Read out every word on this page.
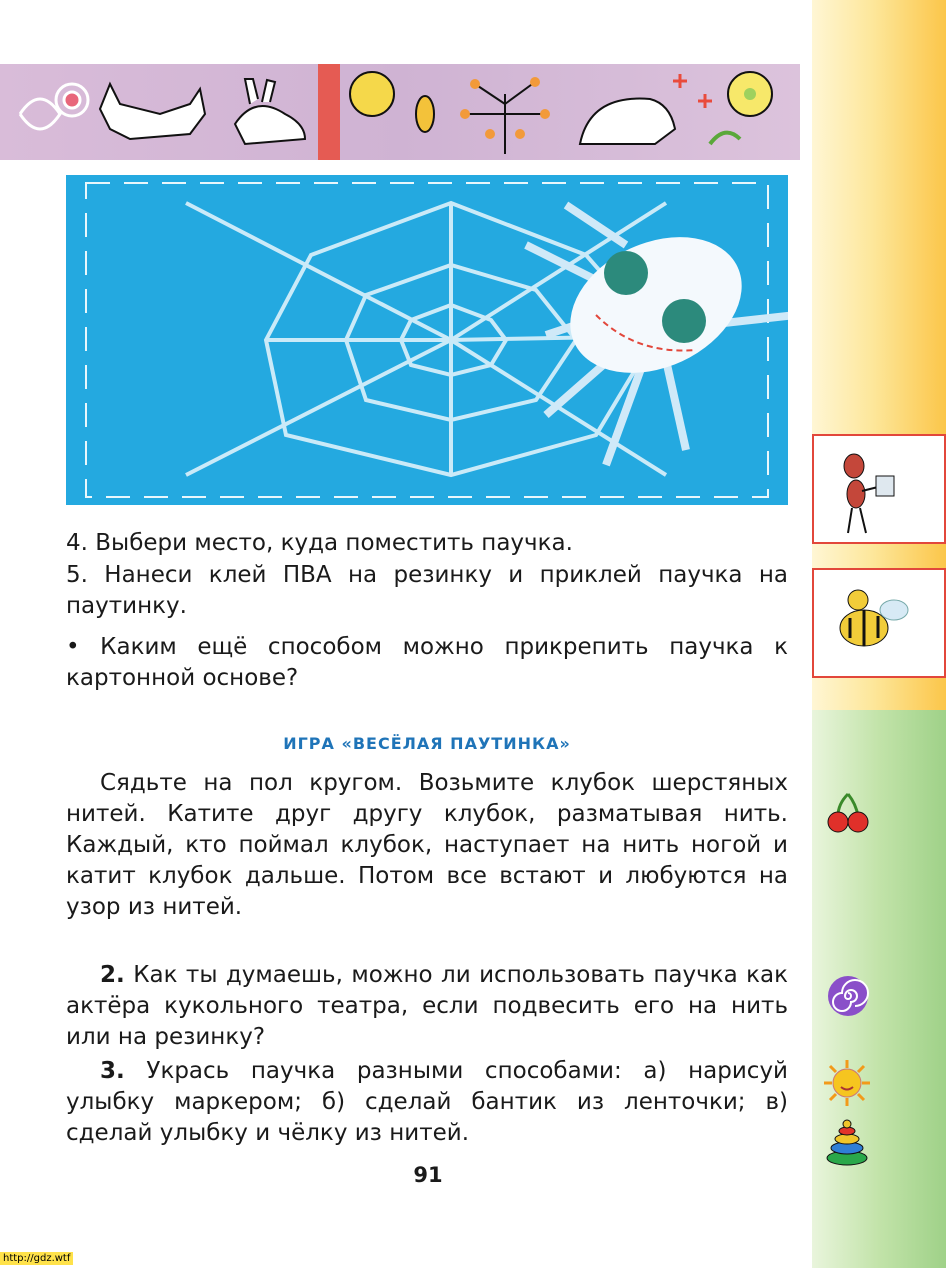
4. Выбери место, куда поместить паучка.
5. Нанеси клей ПВА на резинку и приклей паучка на паутинку.
• Каким ещё способом можно прикрепить паучка к картонной основе?
ИГРА «ВЕСЁЛАЯ ПАУТИНКА»
Сядьте на пол кругом. Возьмите клубок шерстяных нитей. Катите друг другу клубок, разматывая нить. Каждый, кто поймал клубок, наступает на нить ногой и катит клубок дальше. Потом все встают и любуются на узор из нитей.
2. Как ты думаешь, можно ли использовать паучка как актёра кукольного театра, если подвесить его на нить или на резинку?
3. Укрась паучка разными способами: а) нарисуй улыбку маркером; б) сделай бантик из ленточки; в) сделай улыбку и чёлку из нитей.
91
http://gdz.wtf
